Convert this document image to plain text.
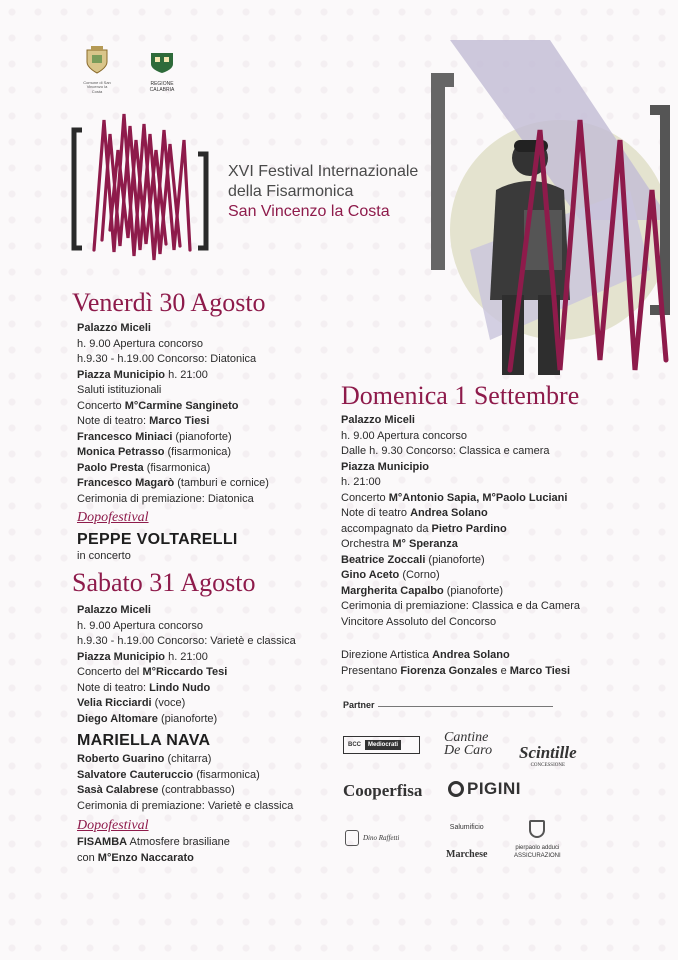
Comune di San Vincenzo la Costa
REGIONE CALABRIA
XVI Festival Internazionale
della Fisarmonica
San Vincenzo la Costa
Venerdì 30 Agosto
Palazzo Miceli
h. 9.00 Apertura concorso
h.9.30 - h.19.00 Concorso: Diatonica
Piazza Municipio h. 21:00
Saluti istituzionali
Concerto M°Carmine Sangineto
Note di teatro: Marco Tiesi
Francesco Miniaci (pianoforte)
Monica Petrasso (fisarmonica)
Paolo Presta (fisarmonica)
Francesco Magarò (tamburi e cornice)
Cerimonia di premiazione: Diatonica
Dopofestival
PEPPE VOLTARELLI
in concerto
Sabato 31 Agosto
Palazzo Miceli
h. 9.00 Apertura concorso
h.9.30 - h.19.00 Concorso: Varietè e classica
Piazza Municipio h. 21:00
Concerto del M°Riccardo Tesi
Note di teatro: Lindo Nudo
Velia Ricciardi (voce)
Diego Altomare (pianoforte)
MARIELLA NAVA
Roberto Guarino (chitarra)
Salvatore Cauteruccio (fisarmonica)
Sasà Calabrese (contrabbasso)
Cerimonia di premiazione: Varietè e classica
Dopofestival
FISAMBA Atmosfere brasiliane
con M°Enzo Naccarato
Domenica 1 Settembre
Palazzo Miceli
h. 9.00 Apertura concorso
Dalle h. 9.30 Concorso: Classica e camera
Piazza Municipio
h. 21:00
Concerto M°Antonio Sapia, M°Paolo Luciani
Note di teatro Andrea Solano
accompagnato da Pietro Pardino
Orchestra M° Speranza
Beatrice Zoccali (pianoforte)
Gino Aceto (Corno)
Margherita Capalbo (pianoforte)
Cerimonia di premiazione: Classica e da Camera
Vincitore Assoluto del Concorso
Direzione Artistica Andrea Solano
Presentano Fiorenza Gonzales e Marco Tiesi
Partner
BCC	Mediocrati	Cantine
De Caro Scintille
CONCESSIONE
Cooperfisa	PIGINI
Dino Raffetti
Salumificio
Marchese
pierpaolo adduci
ASSICURAZIONI
